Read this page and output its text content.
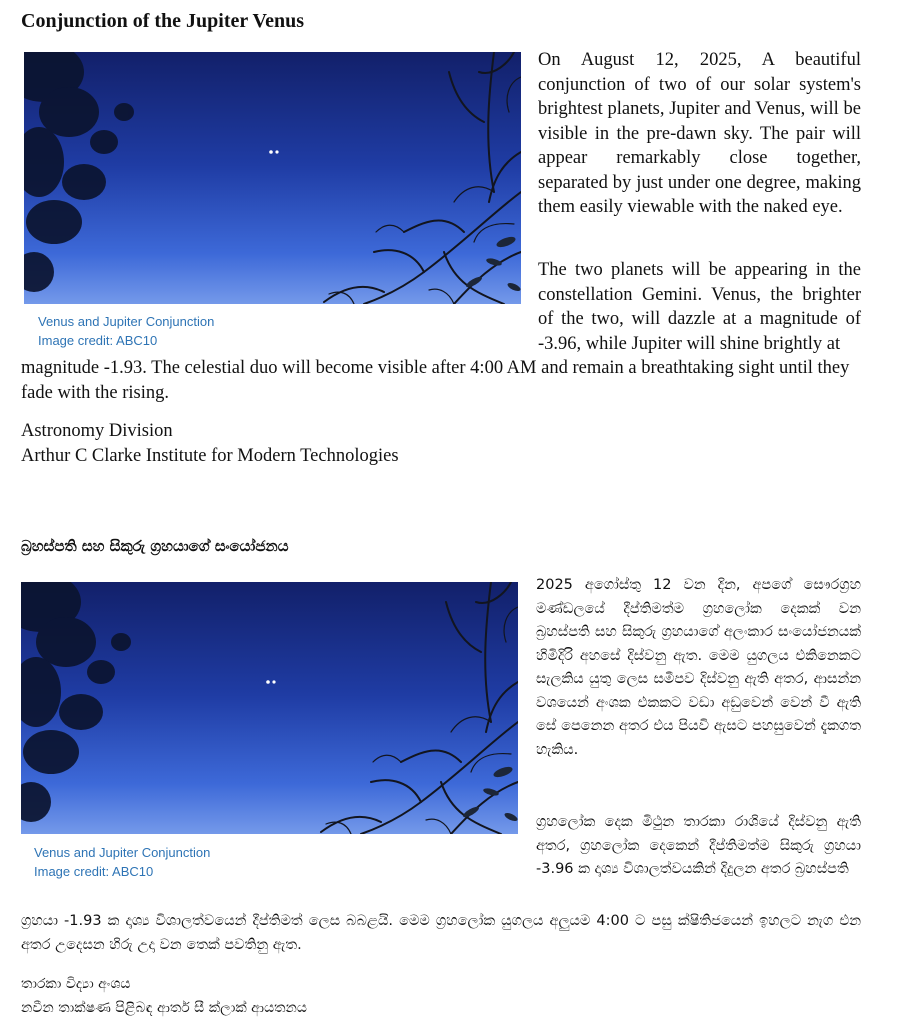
Conjunction of the Jupiter Venus
Venus and Jupiter Conjunction
Image credit: ABC10

On August 12, 2025, A beautiful conjunction of two of our solar system's brightest planets, Jupiter and Venus, will be visible in the pre-dawn sky. The pair will appear remarkably close together, separated by just under one degree, making them easily viewable with the naked eye.

The two planets will be appearing in the constellation Gemini. Venus, the brighter of the two, will dazzle at a magnitude of -3.96, while Jupiter will shine brightly at

magnitude -1.93. The celestial duo will become visible after 4:00 AM and remain a breathtaking sight until they fade with the rising.

Astronomy Division

Arthur C Clarke Institute for Modern Technologies

බ්‍රහස්පති සහ සිකුරු ග්‍රහයාගේ සංයෝජනය
Venus and Jupiter Conjunction
Image credit: ABC10

2025 අගෝස්තු 12 වන දින, අපගේ සෞරග්‍රහ මණ්ඩලයේ දීප්තිමත්ම ග්‍රහලෝක දෙකක් වන බ්‍රහස්පති සහ සිකුරු ග්‍රහයාගේ අලංකාර සංයෝජනයක් හිමිදිරි අහසේ දිස්වනු ඇත. මෙම යුගලය එකිනෙකට සැලකිය යුතු ලෙස සමීපව දිස්වනු ඇති අතර, ආසන්න වශයෙන් අංශක එකකට වඩා අඩුවෙන් වෙන් වී ඇති සේ පෙනෙන අතර එය පියවි ඇසට පහසුවෙන් දැකගත හැකිය.

ග්‍රහලෝක දෙක මිථුන තාරකා රාශියේ දිස්වනු ඇති අතර, ග්‍රහලෝක දෙකෙන් දීප්තිමත්ම සිකුරු ග්‍රහයා -3.96 ක දෘශ්‍ය විශාලත්වයකින් දිදුලන අතර බ්‍රහස්පති

ග්‍රහයා -1.93 ක දෘශ්‍ය විශාලත්වයෙන් දීප්තිමත් ලෙස බබළයි. මෙම ග්‍රහලෝක යුගලය අලුයම 4:00 ට පසු ක්ෂිතිජයෙන් ඉහලට නැග එන අතර උදෙසන හිරු උදා වන තෙක් පවතිනු ඇත.

තාරකා විද්‍යා අංශය

නවීන තාක්ෂණ පිළිබඳ ආතර් සී ක්ලාක් ආයතනය
